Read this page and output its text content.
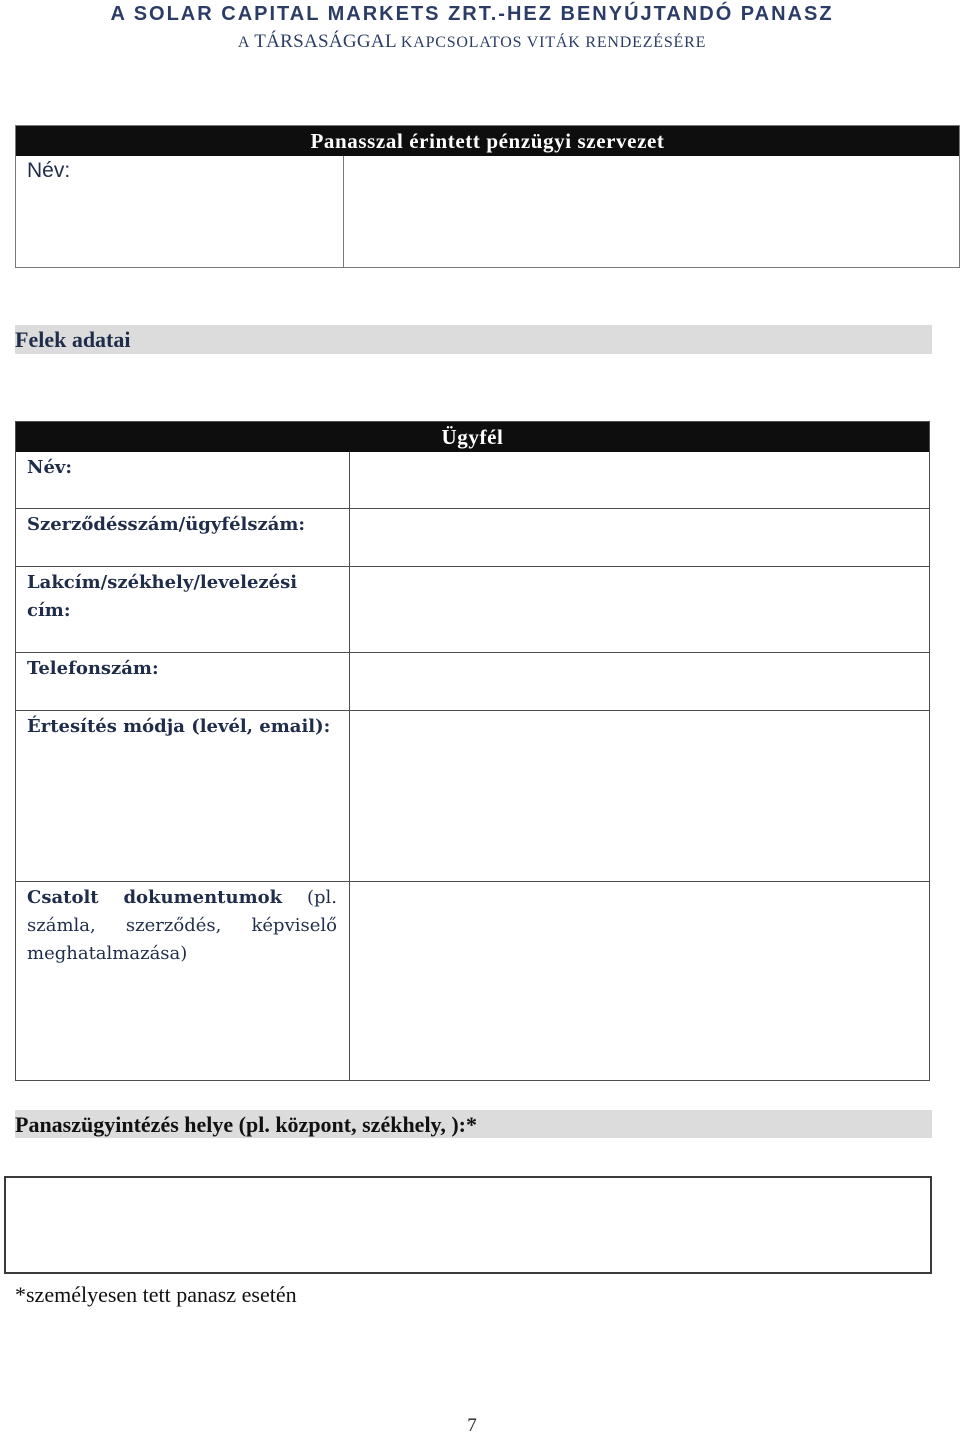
A SOLAR CAPITAL MARKETS ZRT.-HEZ BENYÚJTANDÓ PANASZ
A TÁRSASÁGGAL KAPCSOLATOS VITÁK RENDEZÉSÉRE
Panasszal érintett pénzügyi szervezet
Név:
Felek adatai
Ügyfél
Név:
Szerződésszám/ügyfélszám:
Lakcím/székhely/levelezési cím:
Telefonszám:
Értesítés módja (levél, email):
Csatolt dokumentumok (pl. számla, szerződés, képviselő meghatalmazása)
Panaszügyintézés helye (pl. központ, székhely, ):*
*személyesen tett panasz esetén
7
